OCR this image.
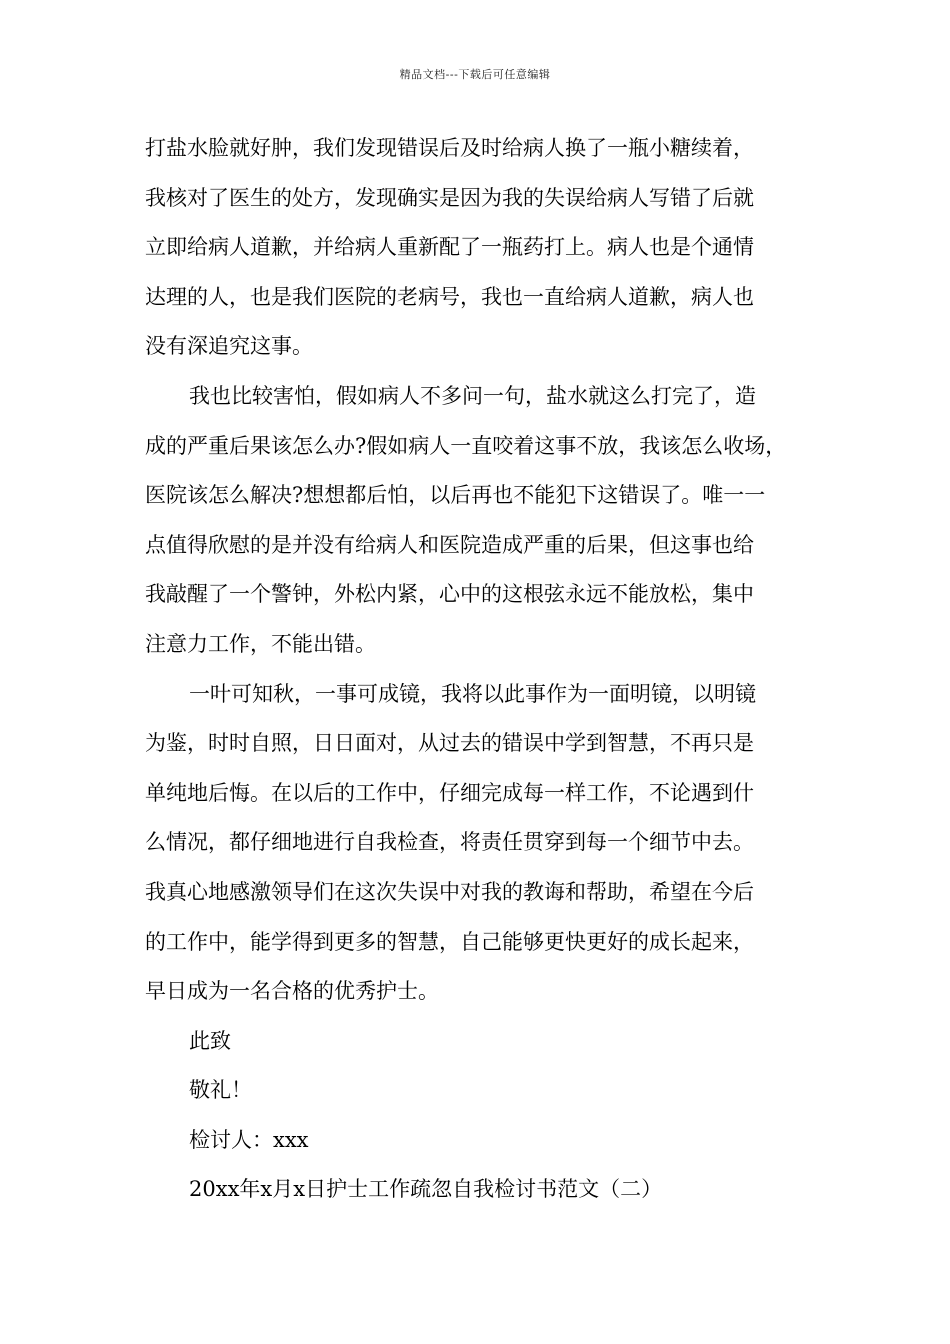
精品文档---下载后可任意编辑
打盐水脸就好肿，我们发现错误后及时给病人换了一瓶小糖续着，
我核对了医生的处方，发现确实是因为我的失误给病人写错了后就
立即给病人道歉，并给病人重新配了一瓶药打上。病人也是个通情
达理的人，也是我们医院的老病号，我也一直给病人道歉，病人也
没有深追究这事。
我也比较害怕，假如病人不多问一句，盐水就这么打完了，造
成的严重后果该怎么办?假如病人一直咬着这事不放，我该怎么收场，
医院该怎么解决?想想都后怕，以后再也不能犯下这错误了。唯一一
点值得欣慰的是并没有给病人和医院造成严重的后果，但这事也给
我敲醒了一个警钟，外松内紧，心中的这根弦永远不能放松，集中
注意力工作，不能出错。
一叶可知秋，一事可成镜，我将以此事作为一面明镜，以明镜
为鉴，时时自照，日日面对，从过去的错误中学到智慧，不再只是
单纯地后悔。在以后的工作中，仔细完成每一样工作，不论遇到什
么情况，都仔细地进行自我检查，将责任贯穿到每一个细节中去。
我真心地感激领导们在这次失误中对我的教诲和帮助，希望在今后
的工作中，能学得到更多的智慧，自己能够更快更好的成长起来，
早日成为一名合格的优秀护士。
此致
敬礼！
检讨人：xxx
20xx年x月x日护士工作疏忽自我检讨书范文（二）
